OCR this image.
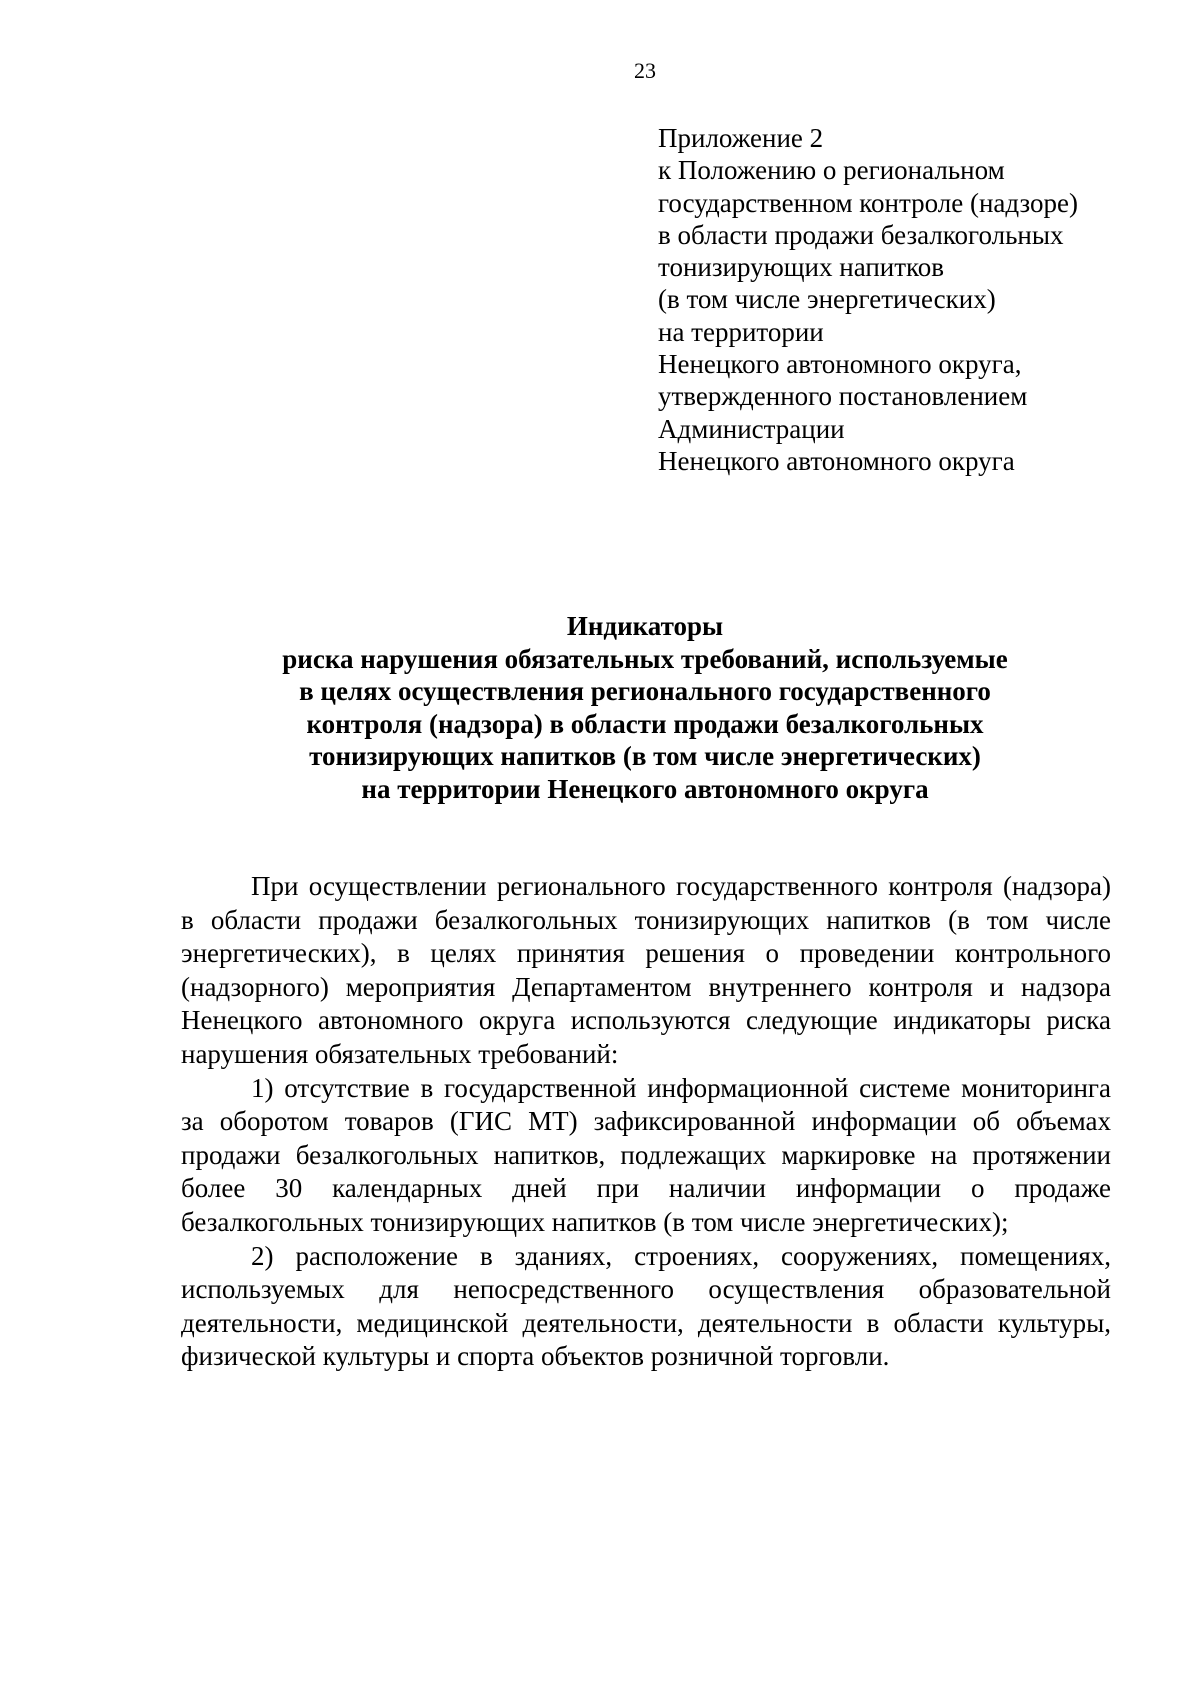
23
Приложение 2
к Положению о региональном
государственном контроле (надзоре)
в области продажи безалкогольных
тонизирующих напитков
(в том числе энергетических)
на территории
Ненецкого автономного округа,
утвержденного постановлением
Администрации
Ненецкого автономного округа
Индикаторы
риска нарушения обязательных требований, используемые
в целях осуществления регионального государственного
контроля (надзора) в области продажи безалкогольных
тонизирующих напитков (в том числе энергетических)
на территории Ненецкого автономного округа

При осуществлении регионального государственного контроля (надзора) в области продажи безалкогольных тонизирующих напитков (в том числе энергетических), в целях принятия решения о проведении контрольного (надзорного) мероприятия Департаментом внутреннего контроля и надзора Ненецкого автономного округа используются следующие индикаторы риска нарушения обязательных требований:

1) отсутствие в государственной информационной системе мониторинга за оборотом товаров (ГИС МТ) зафиксированной информации об объемах продажи безалкогольных напитков, подлежащих маркировке на протяжении более 30 календарных дней при наличии информации о продаже безалкогольных тонизирующих напитков (в том числе энергетических);

2) расположение в зданиях, строениях, сооружениях, помещениях, используемых для непосредственного осуществления образовательной деятельности, медицинской деятельности, деятельности в области культуры, физической культуры и спорта объектов розничной торговли.
